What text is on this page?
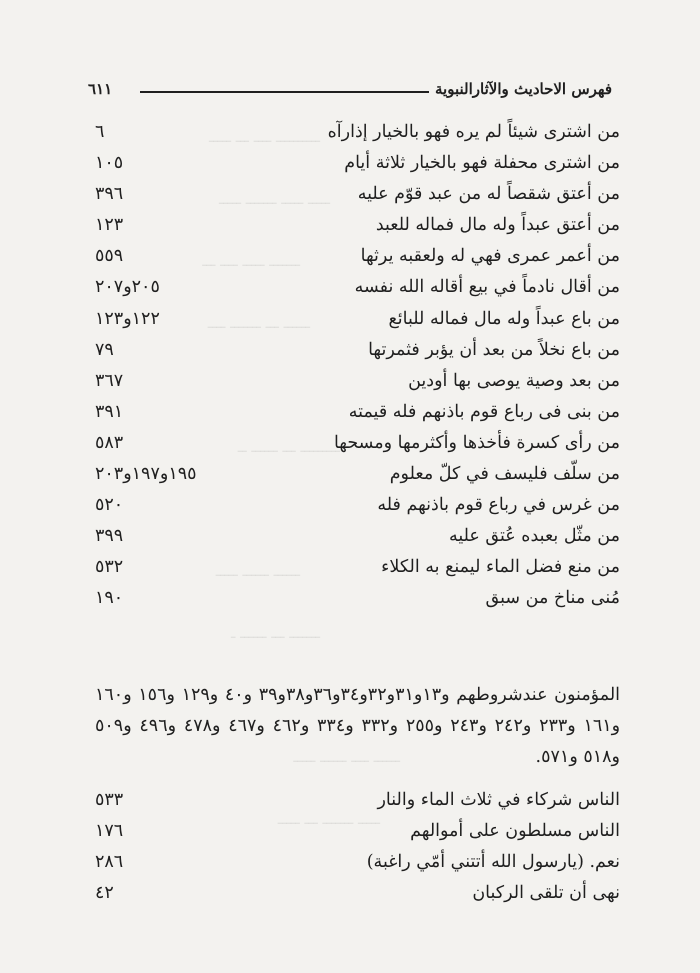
ــــــــــ ــــ ـــ ـــــ
ـــــ ـــــ ـــــــ ـــــ
ـــــــ ـــــ ــــ ـــ
ــــــ ـــ ـــــــ ــــ
ـــــــــ ـــ ــــــ ــ
ــــــ ــــــ ـــــ
ـــــــ ـــ ــــــ ـ
ــــــ ــــ ــــــ ـــــ
ـــــ ـــــــ ـــ ـــــ
فهرس الاحاديث والآثارالنبوية
٦١١
من اشترى شيئاً لم يره فهو بالخيار إذارآه
٦
من اشترى محفلة فهو بالخيار ثلاثة أيام
١٠٥
من أعتق شقصاً له من عبد قوّم عليه
٣٩٦
من أعتق عبداً وله مال فماله للعبد
١٢٣
من أعمر عمرى فهي له ولعقبه يرثها
٥٥٩
من أقال نادماً في بيع أقاله الله نفسه
٢٠٥و٢٠٧
من باع عبداً وله مال فماله للبائع
١٢٢و١٢٣
من باع نخلاً من بعد أن يؤبر فثمرتها
٧٩
من بعد وصية يوصى بها أودين
٣٦٧
من بنى فى رباع قوم باذنهم فله قيمته
٣٩١
من رأى كسرة فأخذها وأكثرمها ومسحها
٥٨٣
من سلّف فليسف في كلّ معلوم
١٩٥و١٩٧و٢٠٣
من غرس في رباع قوم باذنهم فله
٥٢٠
من مثّل بعبده عُتق عليه
٣٩٩
من منع فضل الماء ليمنع به الكلاء
٥٣٢
مُنى مناخ من سبق
١٩٠
المؤمنون عندشروطهم و١٣و٣١و٣٢و٣٤و٣٦و٣٨و٣٩ و٤٠ و١٢٩ و١٥٦ و١٦٠ و١٦١ و٢٣٣ و٢٤٢ و٢٤٣ و٢٥٥ و٣٣٢ و٣٣٤ و٤٦٢ و٤٦٧ و٤٧٨ و٤٩٦ و٥٠٩ و٥١٨ و٥٧١.
الناس شركاء في ثلاث الماء والنار
٥٣٣
الناس مسلطون على أموالهم
١٧٦
نعم. (يارسول الله أتتني أمّي راغبة)
٢٨٦
نهى أن تلقى الركبان
٤٢
